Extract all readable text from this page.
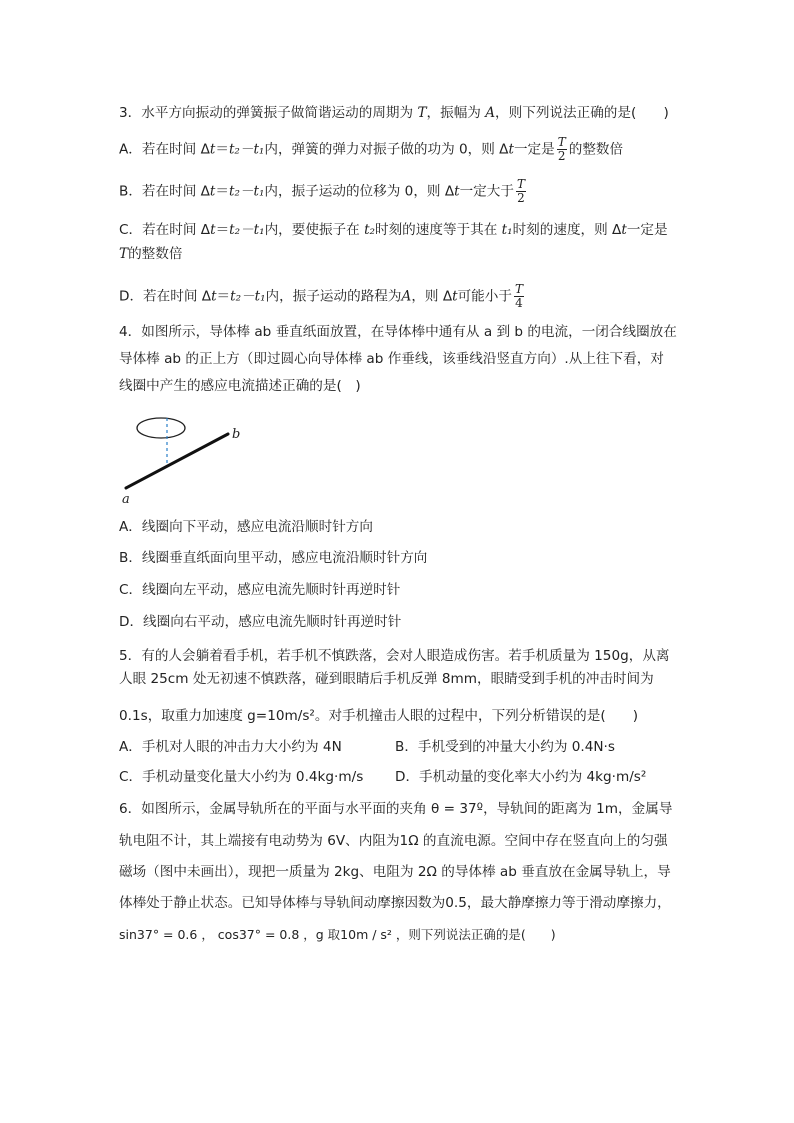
3．水平方向振动的弹簧振子做简谐运动的周期为 T，振幅为 A，则下列说法正确的是(　　)
A．若在时间 Δt＝t₂－t₁内，弹簧的弹力对振子做的功为 0，则 Δt一定是 $\frac{T}{2}$ 的整数倍
B．若在时间 Δt＝t₂－t₁内，振子运动的位移为 0，则 Δt一定大于 $\frac{T}{2}$
C．若在时间 Δt＝t₂－t₁内，要使振子在 t₂时刻的速度等于其在 t₁时刻的速度，则 Δt一定是
T的整数倍
D．若在时间 Δt＝t₂－t₁内，振子运动的路程为A，则 Δt可能小于 $\frac{T}{4}$
4．如图所示，导体棒 ab 垂直纸面放置，在导体棒中通有从 a 到 b 的电流，一闭合线圈放在
导体棒 ab 的正上方（即过圆心向导体棒 ab 作垂线，该垂线沿竖直方向）.从上往下看，对
线圈中产生的感应电流描述正确的是(　)
b
a
A．线圈向下平动，感应电流沿顺时针方向
B．线圈垂直纸面向里平动，感应电流沿顺时针方向
C．线圈向左平动，感应电流先顺时针再逆时针
D．线圈向右平动，感应电流先顺时针再逆时针
5．有的人会躺着看手机，若手机不慎跌落，会对人眼造成伤害。若手机质量为 150g，从离
人眼 25cm 处无初速不慎跌落，碰到眼睛后手机反弹 8mm，眼睛受到手机的冲击时间为
0.1s，取重力加速度 g=10m/s²。对手机撞击人眼的过程中，下列分析错误的是(　　)
A．手机对人眼的冲击力大小约为 4N	B．手机受到的冲量大小约为 0.4N·s
C．手机动量变化量大小约为 0.4kg·m/s D．手机动量的变化率大小约为 4kg·m/s²
6．如图所示，金属导轨所在的平面与水平面的夹角 θ = 37º，导轨间的距离为 1m，金属导
轨电阻不计，其上端接有电动势为 6V、内阻为1Ω 的直流电源。空间中存在竖直向上的匀强
磁场（图中未画出），现把一质量为 2kg、电阻为 2Ω 的导体棒 ab 垂直放在金属导轨上，导
体棒处于静止状态。已知导体棒与导轨间动摩擦因数为0.5，最大静摩擦力等于滑动摩擦力，
sin37° = 0.6 ， cos37° = 0.8 ，g 取10m / s² ，则下列说法正确的是(　　)
